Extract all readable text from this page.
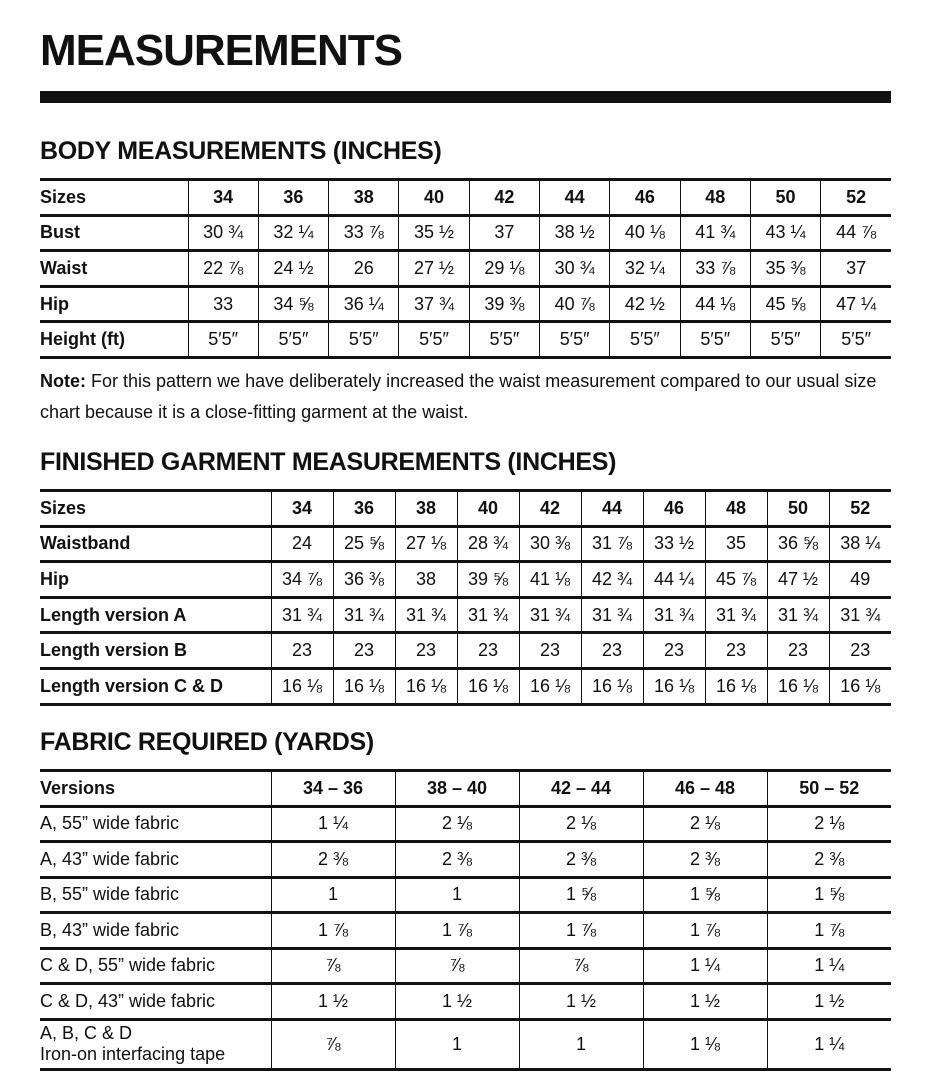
MEASUREMENTS
BODY MEASUREMENTS (INCHES)
Sizes	34	36	38	40	42	44	46	48	50	52
Bust	30 ¾	32 ¼	33 ⅞	35 ½	37	38 ½	40 ⅛	41 ¾	43 ¼	44 ⅞
Waist	22 ⅞	24 ½	26	27 ½	29 ⅛	30 ¾	32 ¼	33 ⅞	35 ⅜	37
Hip	33	34 ⅝	36 ¼	37 ¾	39 ⅜	40 ⅞	42 ½	44 ⅛	45 ⅝	47 ¼
Height (ft)	5′5″	5′5″	5′5″	5′5″	5′5″	5′5″	5′5″	5′5″	5′5″	5′5″

Note: For this pattern we have deliberately increased the waist measurement compared to our usual size chart because it is a close-fitting garment at the waist.

FINISHED GARMENT MEASUREMENTS (INCHES)
Sizes	34	36	38	40	42	44	46	48	50	52
Waistband	24	25 ⅝	27 ⅛	28 ¾	30 ⅜	31 ⅞	33 ½	35	36 ⅝	38 ¼
Hip	34 ⅞	36 ⅜	38	39 ⅝	41 ⅛	42 ¾	44 ¼	45 ⅞	47 ½	49
Length version A	31 ¾	31 ¾	31 ¾	31 ¾	31 ¾	31 ¾	31 ¾	31 ¾	31 ¾	31 ¾
Length version B	23	23	23	23	23	23	23	23	23	23
Length version C & D	16 ⅛	16 ⅛	16 ⅛	16 ⅛	16 ⅛	16 ⅛	16 ⅛	16 ⅛	16 ⅛	16 ⅛
FABRIC REQUIRED (YARDS)
Versions	34 – 36	38 – 40	42 – 44	46 – 48	50 – 52
A, 55” wide fabric	1 ¼	2 ⅛	2 ⅛	2 ⅛	2 ⅛
A, 43” wide fabric	2 ⅜	2 ⅜	2 ⅜	2 ⅜	2 ⅜
B, 55” wide fabric	1	1	1 ⅝	1 ⅝	1 ⅝
B, 43” wide fabric	1 ⅞	1 ⅞	1 ⅞	1 ⅞	1 ⅞
C & D, 55” wide fabric	⅞	⅞	⅞	1 ¼	1 ¼
C & D, 43” wide fabric	1 ½	1 ½	1 ½	1 ½	1 ½
A, B, C & D
Iron-on interfacing tape	⅞	1	1	1 ⅛	1 ¼
